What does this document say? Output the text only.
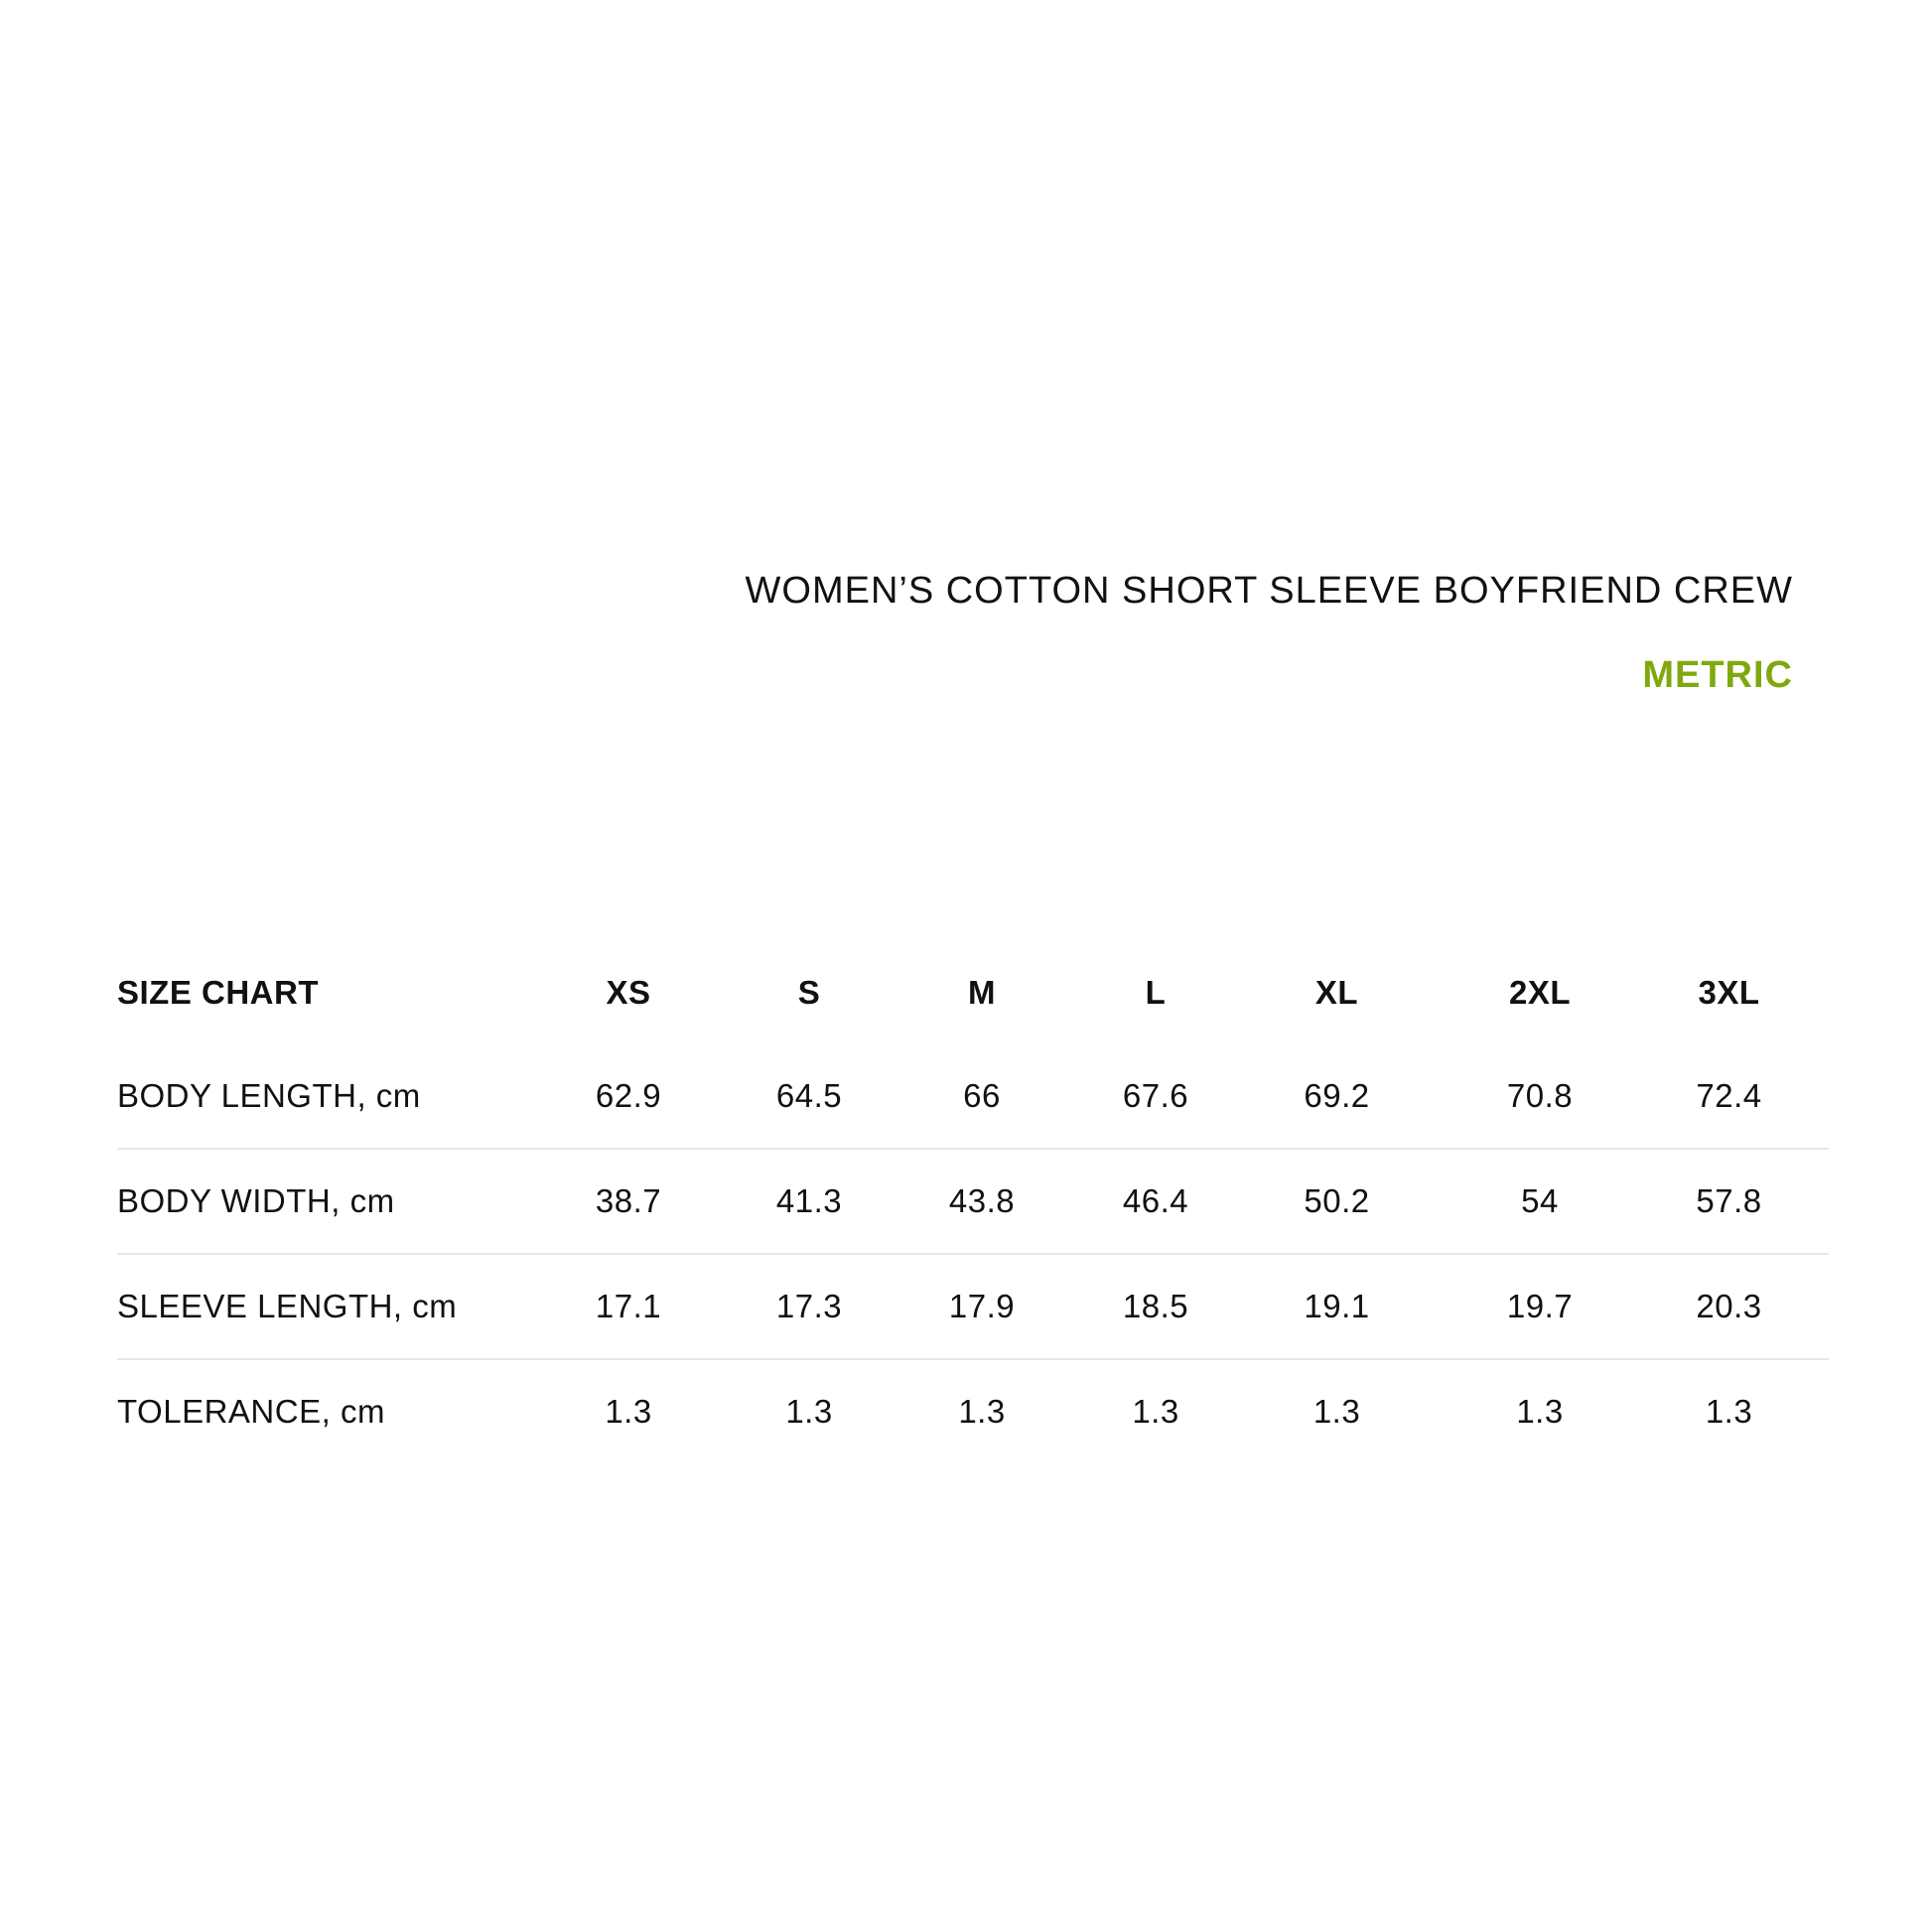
WOMEN’S COTTON SHORT SLEEVE BOYFRIEND CREW
METRIC
SIZE CHART	XS	S	M	L	XL	2XL	3XL
BODY LENGTH, cm	62.9	64.5	66	67.6	69.2	70.8	72.4
BODY WIDTH, cm	38.7	41.3	43.8	46.4	50.2	54	57.8
SLEEVE LENGTH, cm	17.1	17.3	17.9	18.5	19.1	19.7	20.3
TOLERANCE, cm	1.3	1.3	1.3	1.3	1.3	1.3	1.3
